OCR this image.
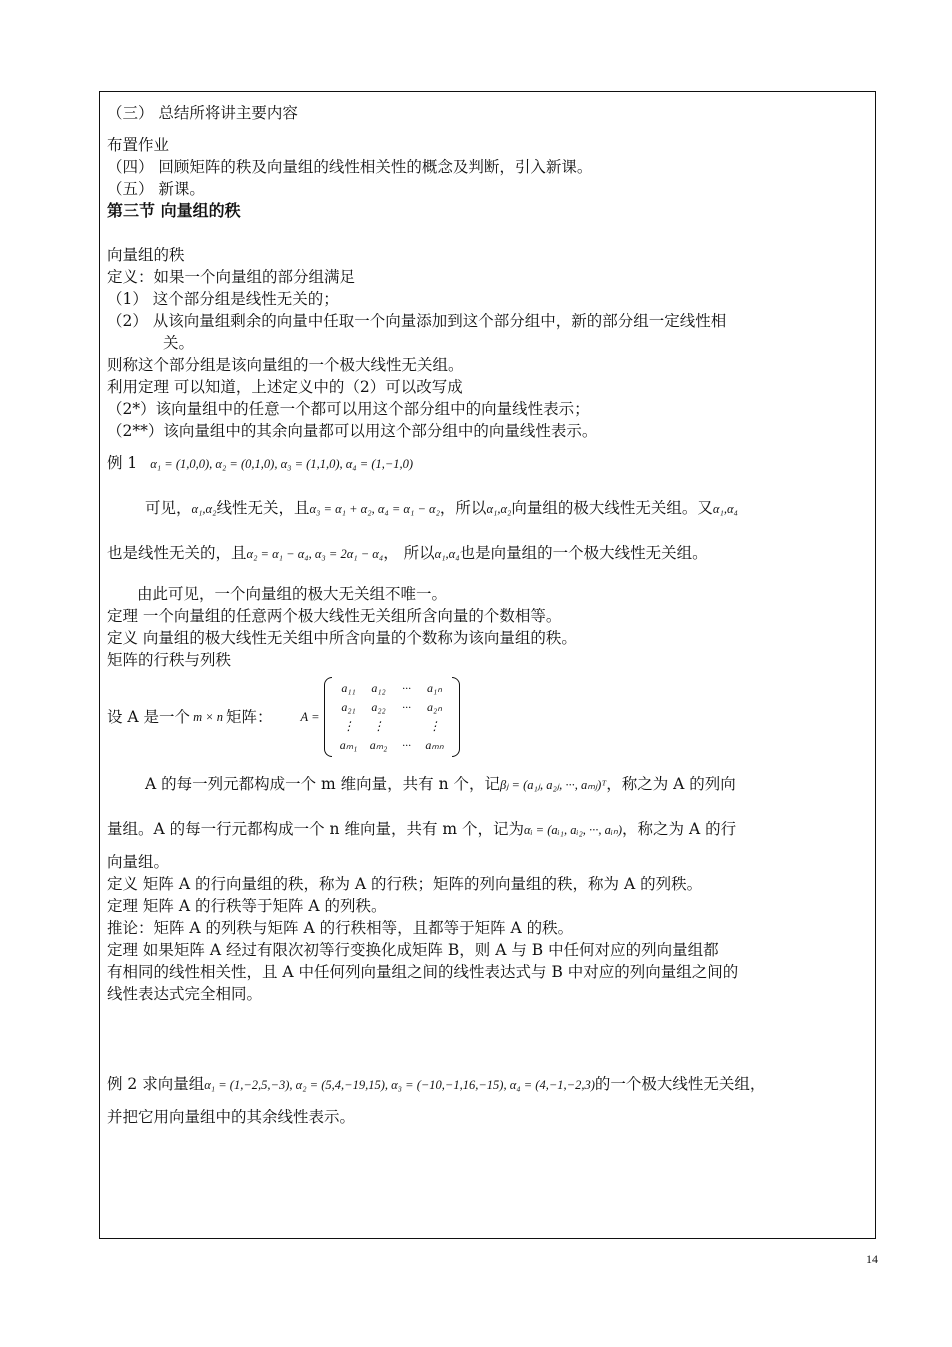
（三） 总结所将讲主要内容
布置作业
（四） 回顾矩阵的秩及向量组的线性相关性的概念及判断，引入新课。
（五） 新课。
第三节 向量组的秩
向量组的秩
定义：如果一个向量组的部分组满足
（1） 这个部分组是线性无关的；
（2） 从该向量组剩余的向量中任取一个向量添加到这个部分组中，新的部分组一定线性相
关。
则称这个部分组是该向量组的一个极大线性无关组。
利用定理 可以知道，上述定义中的（2）可以改写成
（2*）该向量组中的任意一个都可以用这个部分组中的向量线性表示；
（2**）该向量组中的其余向量都可以用这个部分组中的向量线性表示。
例 1 α₁ = (1,0,0), α₂ = (0,1,0), α₃ = (1,1,0), α₄ = (1,−1,0)
可见，α₁,α₂线性无关，且α₃ = α₁ + α₂, α₄ = α₁ − α₂，所以α₁,α₂向量组的极大线性无关组。又α₁,α₄
也是线性无关的，且α₂ = α₁ − α₄, α₃ = 2α₁ − α₄， 所以α₁,α₄也是向量组的一个极大线性无关组。
由此可见，一个向量组的极大无关组不唯一。
定理 一个向量组的任意两个极大线性无关组所含向量的个数相等。
定义 向量组的极大线性无关组中所含向量的个数称为该向量组的秩。
矩阵的行秩与列秩
设 A 是一个 m × n 矩阵： A =
a₁₁	a₁₂	···	a₁ₙ
a₂₁	a₂₂	···	a₂ₙ
⋮	⋮	⋮
aₘ₁	aₘ₂	···	aₘₙ
A 的每一列元都构成一个 m 维向量，共有 n 个，记βⱼ = (a₁ⱼ, a₂ⱼ, ···, aₘⱼ)ᵀ，称之为 A 的列向
量组。A 的每一行元都构成一个 n 维向量，共有 m 个，记为αᵢ = (aᵢ₁, aᵢ₂, ···, aᵢₙ)，称之为 A 的行
向量组。
定义 矩阵 A 的行向量组的秩，称为 A 的行秩；矩阵的列向量组的秩，称为 A 的列秩。
定理 矩阵 A 的行秩等于矩阵 A 的列秩。
推论：矩阵 A 的列秩与矩阵 A 的行秩相等，且都等于矩阵 A 的秩。
定理 如果矩阵 A 经过有限次初等行变换化成矩阵 B，则 A 与 B 中任何对应的列向量组都
有相同的线性相关性，且 A 中任何列向量组之间的线性表达式与 B 中对应的列向量组之间的
线性表达式完全相同。
例 2 求向量组α₁ = (1,−2,5,−3), α₂ = (5,4,−19,15), α₃ = (−10,−1,16,−15), α₄ = (4,−1,−2,3)的一个极大线性无关组，
并把它用向量组中的其余线性表示。
14
